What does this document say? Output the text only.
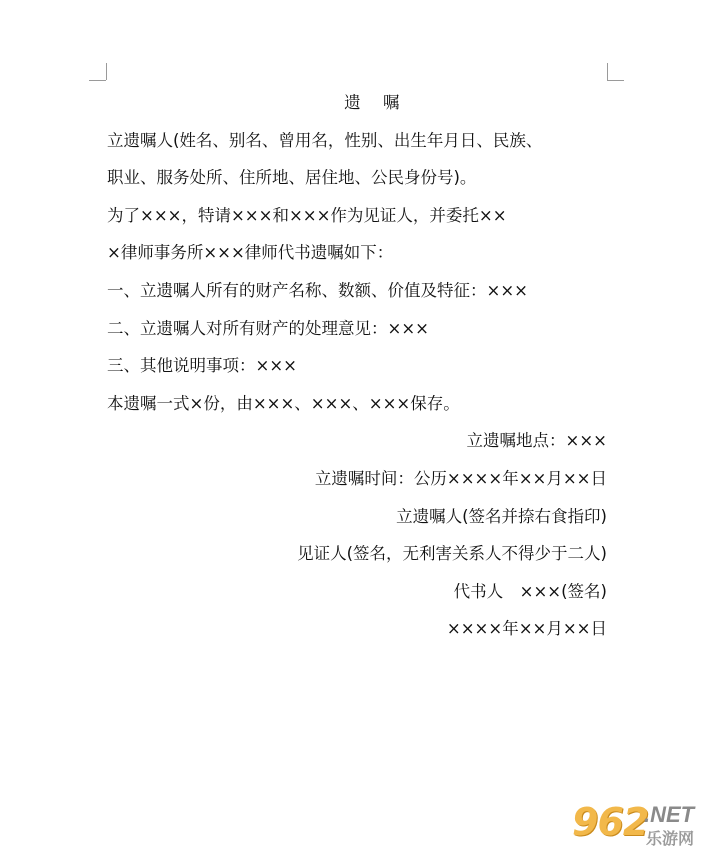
遗 嘱
立遗嘱人(姓名、别名、曾用名，性别、出生年月日、民族、
职业、服务处所、住所地、居住地、公民身份号)。
为了×××，特请×××和×××作为见证人，并委托××
×律师事务所×××律师代书遗嘱如下：
一、立遗嘱人所有的财产名称、数额、价值及特征：×××
二、立遗嘱人对所有财产的处理意见：×××
三、其他说明事项：×××
本遗嘱一式×份，由×××、×××、×××保存。
立遗嘱地点：×××
立遗嘱时间：公历××××年××月××日
立遗嘱人(签名并捺右食指印)
见证人(签名，无利害关系人不得少于二人)
代书人　×××(签名)
××××年××月××日
962
.NET
乐游网
